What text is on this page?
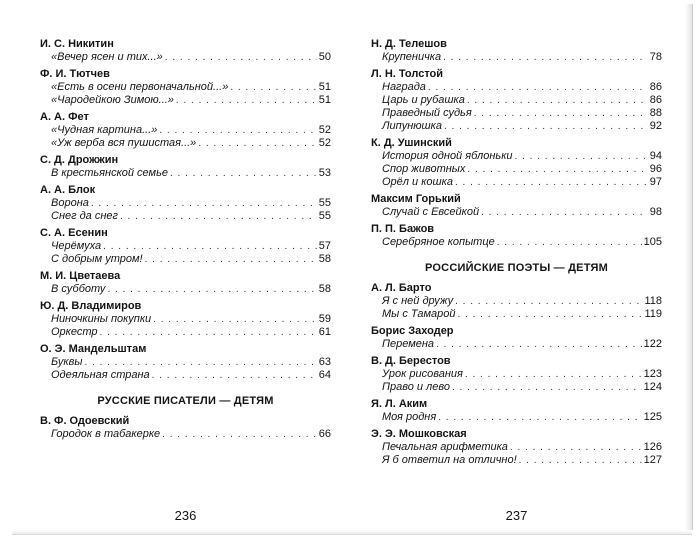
И. С. Никитин
«Вечер ясен и тих...» . . .	50
Ф. И. Тютчев
«Есть в осени первоначальной...» . . .	51
«Чародейкою Зимою...» . . .	51
А. А. Фет
«Чудная картина...» . . .	52
«Уж верба вся пушистая...» . . .	52
С. Д. Дрожжин
В крестьянской семье . . .	53
А. А. Блок
Ворона . . .	55
Снег да снег . . .	55
С. А. Есенин
Черёмуха . . .	57
С добрым утром! . . .	58
М. И. Цветаева
В субботу . . .	58
Ю. Д. Владимиров
Ниночкины покупки . . .	59
Оркестр . . .	61
О. Э. Мандельштам
Буквы . . .	63
Одеяльная страна . . .	64
РУССКИЕ ПИСАТЕЛИ — ДЕТЯМ
В. Ф. Одоевский
Городок в табакерке . . .	66
236
Н. Д. Телешов
Крупеничка . . .	78
Л. Н. Толстой
Награда . . .	86
Царь и рубашка . . .	86
Праведный судья . . .	88
Липунюшка . . .	92
К. Д. Ушинский
История одной яблоньки . . .	94
Спор животных . . .	96
Орёл и кошка . . .	97
Максим Горький
Случай с Евсейкой . . .	98
П. П. Бажов
Серебряное копытце . . .	105
РОССИЙСКИЕ ПОЭТЫ — ДЕТЯМ
А. Л. Барто
Я с ней дружу . . .	118
Мы с Тамарой . . .	119
Борис Заходер
Перемена . . .	122
В. Д. Берестов
Урок рисования . . .	123
Право и лево . . .	124
Я. Л. Аким
Моя родня . . .	125
Э. Э. Мошковская
Печальная арифметика . . .	126
Я б ответил на отлично! . . .	127
237
